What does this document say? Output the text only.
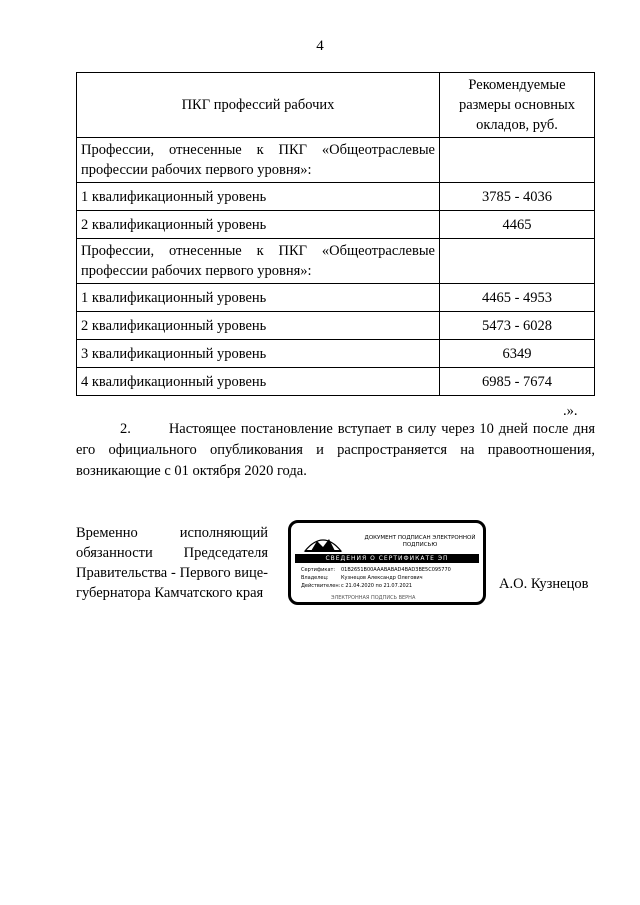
4
ПКГ профессий рабочих	Рекомендуемые размеры основных окладов, руб.
Профессии, отнесенные к ПКГ «Общеотраслевые профессии рабочих первого уровня»:	
1 квалификационный уровень	3785 - 4036
2 квалификационный уровень	4465
Профессии, отнесенные к ПКГ «Общеотраслевые профессии рабочих первого уровня»:	
1 квалификационный уровень	4465 - 4953
2 квалификационный уровень	5473 - 6028
3 квалификационный уровень	6349
4 квалификационный уровень	6985 - 7674
.».
2.	Настоящее постановление вступает в силу через 10 дней после дня его официального опубликования и распространяется на правоотношения, возникающие с 01 октября 2020 года.
Временно исполняющий
обязанности Председателя
Правительства - Первого вице-
губернатора Камчатского края
ДОКУМЕНТ ПОДПИСАН ЭЛЕКТРОННОЙ ПОДПИСЬЮ
СВЕДЕНИЯ О СЕРТИФИКАТЕ ЭП
Сертификат: 01B2651B00AAABABAD4BAD3BE5C095770
Владелец: Кузнецов Александр Олегович
Действителен:с 21.04.2020 по 21.07.2021
ЭЛЕКТРОННАЯ ПОДПИСЬ ВЕРНА
А.О. Кузнецов
